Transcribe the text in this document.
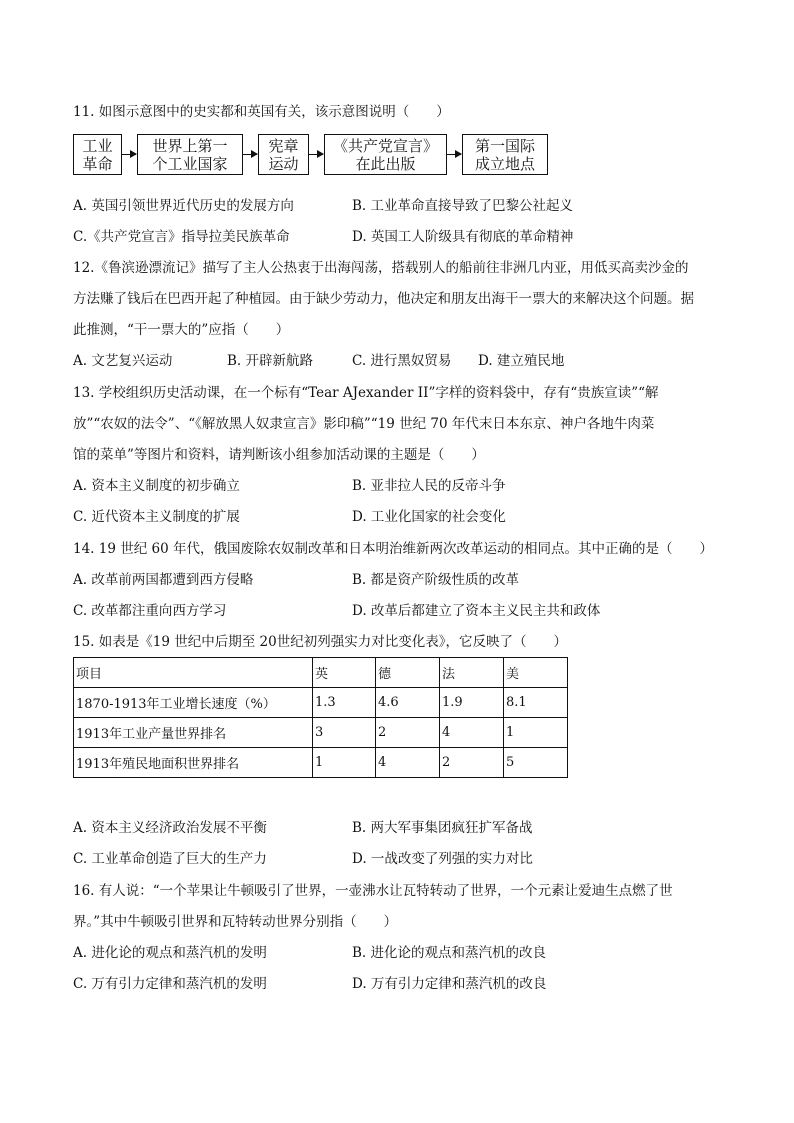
11. 如图示意图中的史实都和英国有关，该示意图说明（　　）
工业
革命
世界上第一
个工业国家
宪章
运动
《共产党宣言》
在此出版
第一国际
成立地点
A. 英国引领世界近代历史的发展方向	B. 工业革命直接导致了巴黎公社起义
C.《共产党宣言》指导拉美民族革命	D. 英国工人阶级具有彻底的革命精神
12.《鲁滨逊漂流记》描写了主人公热衷于出海闯荡，搭载别人的船前往非洲几内亚，用低买高卖沙金的
方法赚了钱后在巴西开起了种植园。由于缺少劳动力，他决定和朋友出海干一票大的来解决这个问题。据
此推测，“干一票大的”应指（　　）
A. 文艺复兴运动	B. 开辟新航路	C. 进行黑奴贸易 D. 建立殖民地
13. 学校组织历史活动课，在一个标有“Tear AJexander II”字样的资料袋中，存有“贵族宣读”“解
放”“农奴的法令”、“《解放黑人奴隶宣言》影印稿”“19 世纪 70 年代末日本东京、神户各地牛肉菜
馆的菜单”等图片和资料，请判断该小组参加活动课的主题是（　　）
A. 资本主义制度的初步确立	B. 亚非拉人民的反帝斗争
C. 近代资本主义制度的扩展	D. 工业化国家的社会变化
14. 19 世纪 60 年代，俄国废除农奴制改革和日本明治维新两次改革运动的相同点。其中正确的是（　　）
A. 改革前两国都遭到西方侵略	B. 都是资产阶级性质的改革
C. 改革都注重向西方学习	D. 改革后都建立了资本主义民主共和政体
15. 如表是《19 世纪中后期至 20世纪初列强实力对比变化表》，它反映了（　　）
项目	英	德	法	美
1870-1913年工业增长速度（%）	1.3	4.6	1.9	8.1
1913年工业产量世界排名	3	2	4	1
1913年殖民地面积世界排名	1	4	2	5
A. 资本主义经济政治发展不平衡	B. 两大军事集团疯狂扩军备战
C. 工业革命创造了巨大的生产力	D. 一战改变了列强的实力对比
16. 有人说：“一个苹果让牛顿吸引了世界，一壶沸水让瓦特转动了世界，一个元素让爱迪生点燃了世
界。”其中牛顿吸引世界和瓦特转动世界分别指（　　）
A. 进化论的观点和蒸汽机的发明	B. 进化论的观点和蒸汽机的改良
C. 万有引力定律和蒸汽机的发明	D. 万有引力定律和蒸汽机的改良
